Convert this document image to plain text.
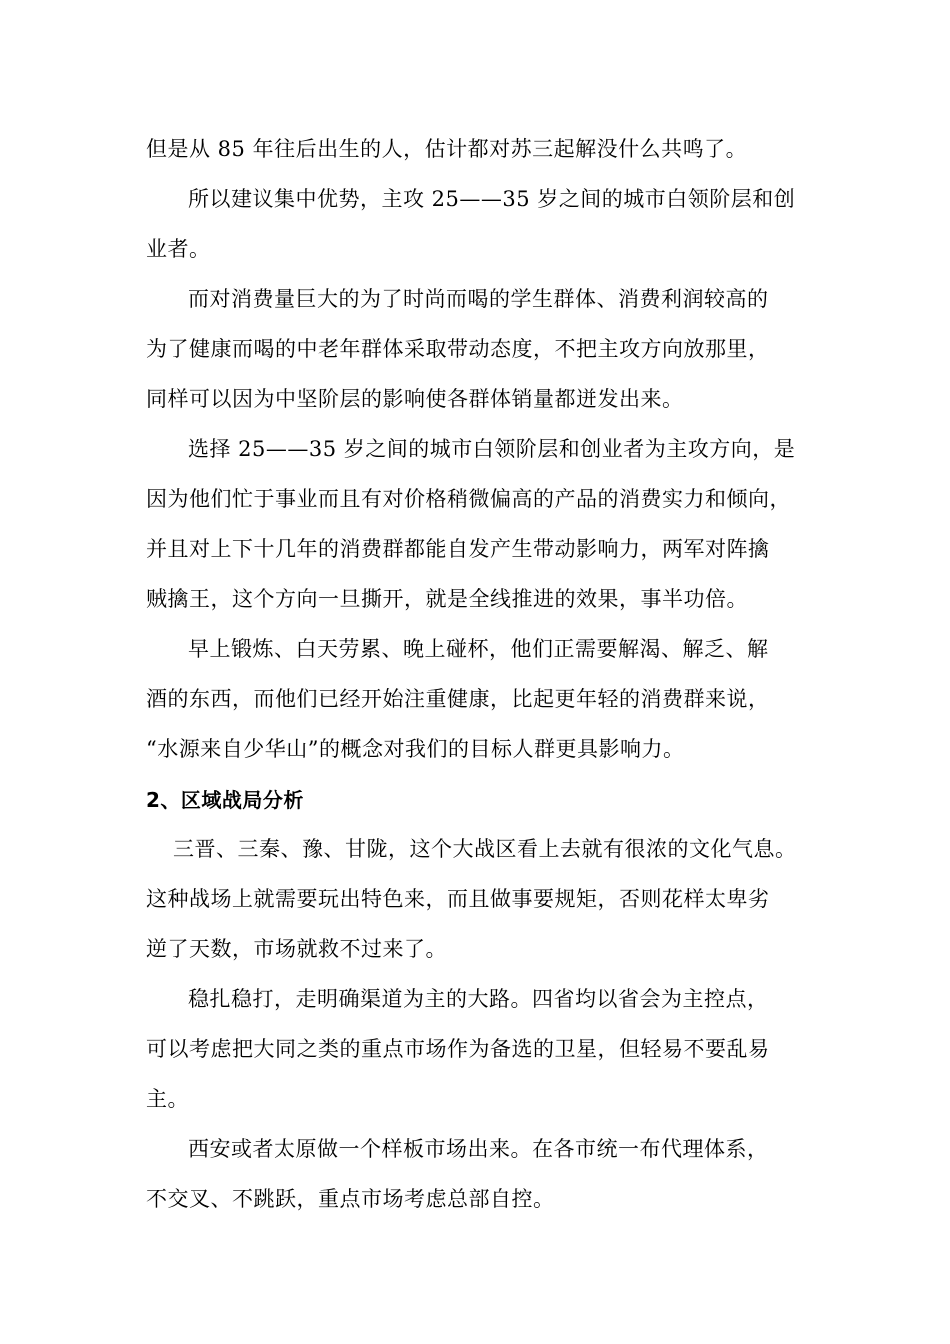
但是从 85 年往后出生的人，估计都对苏三起解没什么共鸣了。
所以建议集中优势，主攻 25——35 岁之间的城市白领阶层和创
业者。
而对消费量巨大的为了时尚而喝的学生群体、消费利润较高的
为了健康而喝的中老年群体采取带动态度，不把主攻方向放那里，
同样可以因为中坚阶层的影响使各群体销量都迸发出来。
选择 25——35 岁之间的城市白领阶层和创业者为主攻方向，是
因为他们忙于事业而且有对价格稍微偏高的产品的消费实力和倾向，
并且对上下十几年的消费群都能自发产生带动影响力，两军对阵擒
贼擒王，这个方向一旦撕开，就是全线推进的效果，事半功倍。
早上锻炼、白天劳累、晚上碰杯，他们正需要解渴、解乏、解
酒的东西，而他们已经开始注重健康，比起更年轻的消费群来说，
“水源来自少华山”的概念对我们的目标人群更具影响力。
2、区域战局分析
三晋、三秦、豫、甘陇，这个大战区看上去就有很浓的文化气息。
这种战场上就需要玩出特色来，而且做事要规矩，否则花样太卑劣
逆了天数，市场就救不过来了。
稳扎稳打，走明确渠道为主的大路。四省均以省会为主控点，
可以考虑把大同之类的重点市场作为备选的卫星，但轻易不要乱易
主。
西安或者太原做一个样板市场出来。在各市统一布代理体系，
不交叉、不跳跃，重点市场考虑总部自控。
